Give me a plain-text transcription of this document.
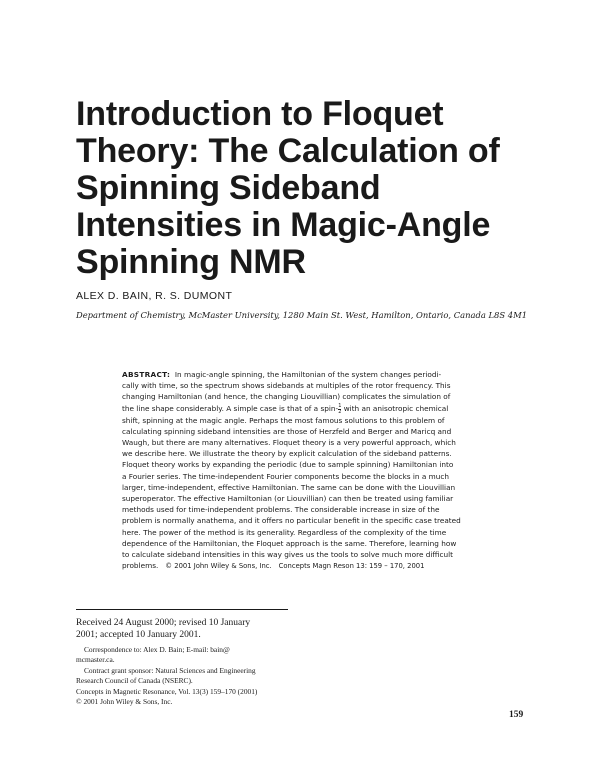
Introduction to Floquet
Theory: The Calculation of
Spinning Sideband
Intensities in Magic-Angle
Spinning NMR
ALEX D. BAIN, R. S. DUMONT
Department of Chemistry, McMaster University, 1280 Main St. West, Hamilton, Ontario, Canada L8S 4M1
ABSTRACT: In magic-angle spinning, the Hamiltonian of the system changes periodi-
cally with time, so the spectrum shows sidebands at multiples of the rotor frequency. This
changing Hamiltonian (and hence, the changing Liouvillian) complicates the simulation of
the line shape considerably. A simple case is that of a spin- $\frac{1}{2}$ with an anisotropic chemical
shift, spinning at the magic angle. Perhaps the most famous solutions to this problem of
calculating spinning sideband intensities are those of Herzfeld and Berger and Maricq and
Waugh, but there are many alternatives. Floquet theory is a very powerful approach, which
we describe here. We illustrate the theory by explicit calculation of the sideband patterns.
Floquet theory works by expanding the periodic (due to sample spinning) Hamiltonian into
a Fourier series. The time-independent Fourier components become the blocks in a much
larger, time-independent, effective Hamiltonian. The same can be done with the Liouvillian
superoperator. The effective Hamiltonian (or Liouvillian) can then be treated using familiar
methods used for time-independent problems. The considerable increase in size of the
problem is normally anathema, and it offers no particular benefit in the specific case treated
here. The power of the method is its generality. Regardless of the complexity of the time
dependence of the Hamiltonian, the Floquet approach is the same. Therefore, learning how
to calculate sideband intensities in this way gives us the tools to solve much more difficult
problems. © 2001 John Wiley & Sons, Inc. Concepts Magn Reson 13: 159 – 170, 2001
Received 24 August 2000; revised 10 January
2001; accepted 10 January 2001.
Correspondence to: Alex D. Bain; E-mail: bain@
mcmaster.ca.
Contract grant sponsor: Natural Sciences and Engineering
Research Council of Canada (NSERC).
Concepts in Magnetic Resonance, Vol. 13(3) 159–170 (2001)
© 2001 John Wiley & Sons, Inc.
159
